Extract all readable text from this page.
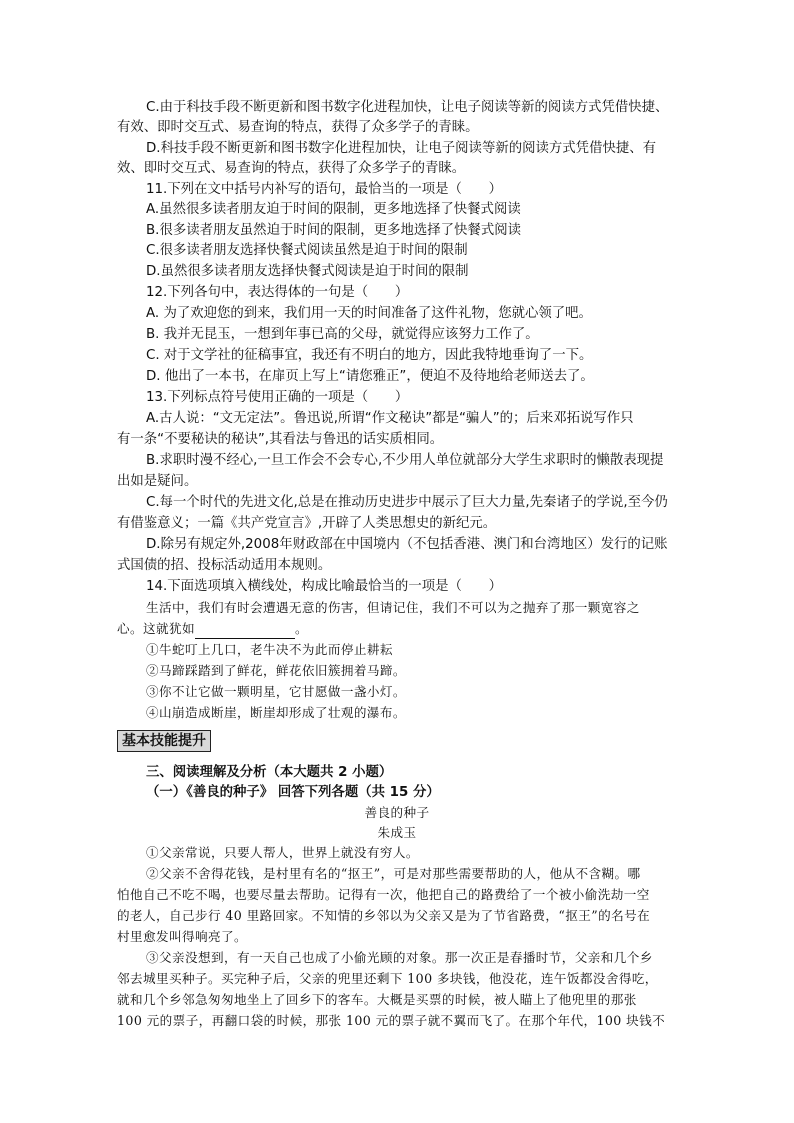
C.由于科技手段不断更新和图书数字化进程加快，让电子阅读等新的阅读方式凭借快捷、
有效、即时交互式、易查询的特点，获得了众多学子的青睐。
D.科技手段不断更新和图书数字化进程加快，让电子阅读等新的阅读方式凭借快捷、有
效、即时交互式、易查询的特点，获得了众多学子的青睐。
11.下列在文中括号内补写的语句，最恰当的一项是（　　）
A.虽然很多读者朋友迫于时间的限制，更多地选择了快餐式阅读
B.很多读者朋友虽然迫于时间的限制，更多地选择了快餐式阅读
C.很多读者朋友选择快餐式阅读虽然是迫于时间的限制
D.虽然很多读者朋友选择快餐式阅读是迫于时间的限制
12.下列各句中，表达得体的一句是（　　）
A. 为了欢迎您的到来，我们用一天的时间准备了这件礼物，您就心领了吧。
B. 我并无昆玉，一想到年事已高的父母，就觉得应该努力工作了。
C. 对于文学社的征稿事宜，我还有不明白的地方，因此我特地垂询了一下。
D. 他出了一本书，在扉页上写上“请您雅正”，便迫不及待地给老师送去了。
13.下列标点符号使用正确的一项是（　　）
A.古人说：“文无定法”。鲁迅说,所谓“作文秘诀”都是“骗人”的；后来邓拓说写作只
有一条“不要秘诀的秘诀”,其看法与鲁迅的话实质相同。
B.求职时漫不经心,一旦工作会不会专心,不少用人单位就部分大学生求职时的懒散表现提
出如是疑问。
C.每一个时代的先进文化,总是在推动历史进步中展示了巨大力量,先秦诸子的学说,至今仍
有借鉴意义；一篇《共产党宣言》,开辟了人类思想史的新纪元。
D.除另有规定外,2008年财政部在中国境内（不包括香港、澳门和台湾地区）发行的记账
式国债的招、投标活动适用本规则。
14.下面选项填入横线处，构成比喻最恰当的一项是（　　）
生活中，我们有时会遭遇无意的伤害，但请记住，我们不可以为之抛弃了那一颗宽容之
心。这就犹如	。
①牛蛇叮上几口，老牛决不为此而停止耕耘
②马蹄踩踏到了鲜花，鲜花依旧簇拥着马蹄。
③你不让它做一颗明星，它甘愿做一盏小灯。
④山崩造成断崖，断崖却形成了壮观的瀑布。
基本技能提升
三、阅读理解及分析（本大题共 2 小题）
（一）《善良的种子》 回答下列各题（共 15 分）
善良的种子
朱成玉
①父亲常说，只要人帮人，世界上就没有穷人。
②父亲不舍得花钱，是村里有名的“抠王”，可是对那些需要帮助的人，他从不含糊。哪
怕他自己不吃不喝，也要尽量去帮助。记得有一次，他把自己的路费给了一个被小偷洗劫一空
的老人，自己步行 40 里路回家。不知情的乡邻以为父亲又是为了节省路费，“抠王”的名号在
村里愈发叫得响亮了。
③父亲没想到，有一天自己也成了小偷光顾的对象。那一次正是春播时节，父亲和几个乡
邻去城里买种子。买完种子后，父亲的兜里还剩下 100 多块钱，他没花，连午饭都没舍得吃，
就和几个乡邻急匆匆地坐上了回乡下的客车。大概是买票的时候，被人瞄上了他兜里的那张
100 元的票子，再翻口袋的时候，那张 100 元的票子就不翼而飞了。在那个年代，100 块钱不
